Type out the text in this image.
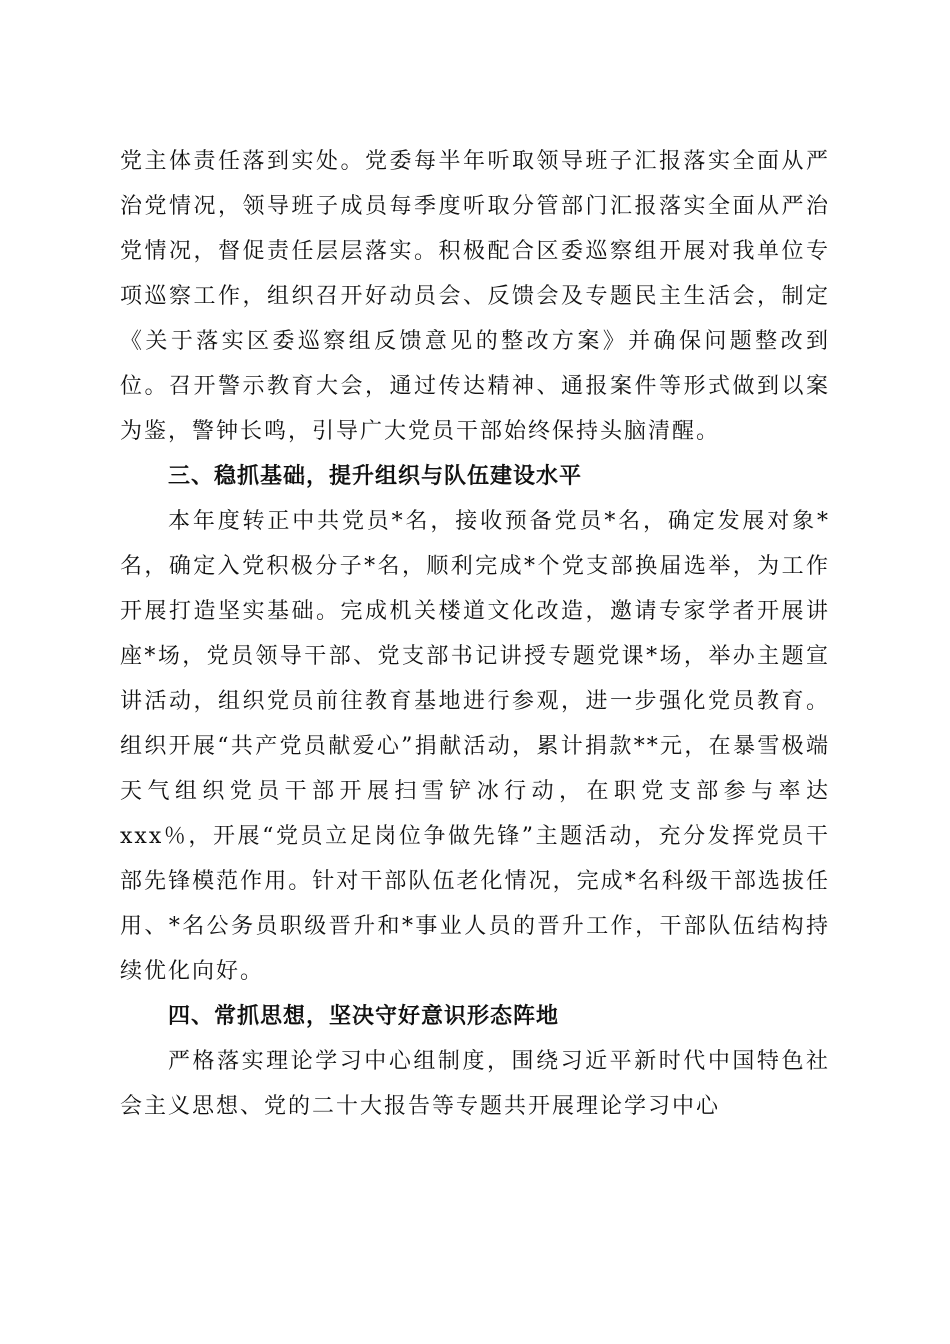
党主体责任落到实处。党委每半年听取领导班子汇报落实全面从严治党情况，领导班子成员每季度听取分管部门汇报落实全面从严治党情况，督促责任层层落实。积极配合区委巡察组开展对我单位专项巡察工作，组织召开好动员会、反馈会及专题民主生活会，制定《关于落实区委巡察组反馈意见的整改方案》并确保问题整改到位。召开警示教育大会，通过传达精神、通报案件等形式做到以案为鉴，警钟长鸣，引导广大党员干部始终保持头脑清醒。

三、稳抓基础，提升组织与队伍建设水平

本年度转正中共党员*名，接收预备党员*名，确定发展对象*名，确定入党积极分子*名，顺利完成*个党支部换届选举，为工作开展打造坚实基础。完成机关楼道文化改造，邀请专家学者开展讲座*场，党员领导干部、党支部书记讲授专题党课*场，举办主题宣讲活动，组织党员前往教育基地进行参观，进一步强化党员教育。组织开展“共产党员献爱心”捐献活动，累计捐款**元，在暴雪极端天气组织党员干部开展扫雪铲冰行动，在职党支部参与率达xxx％，开展“党员立足岗位争做先锋”主题活动，充分发挥党员干部先锋模范作用。针对干部队伍老化情况，完成*名科级干部选拔任用、*名公务员职级晋升和*事业人员的晋升工作，干部队伍结构持续优化向好。

四、常抓思想，坚决守好意识形态阵地

严格落实理论学习中心组制度，围绕习近平新时代中国特色社会主义思想、党的二十大报告等专题共开展理论学习中心
